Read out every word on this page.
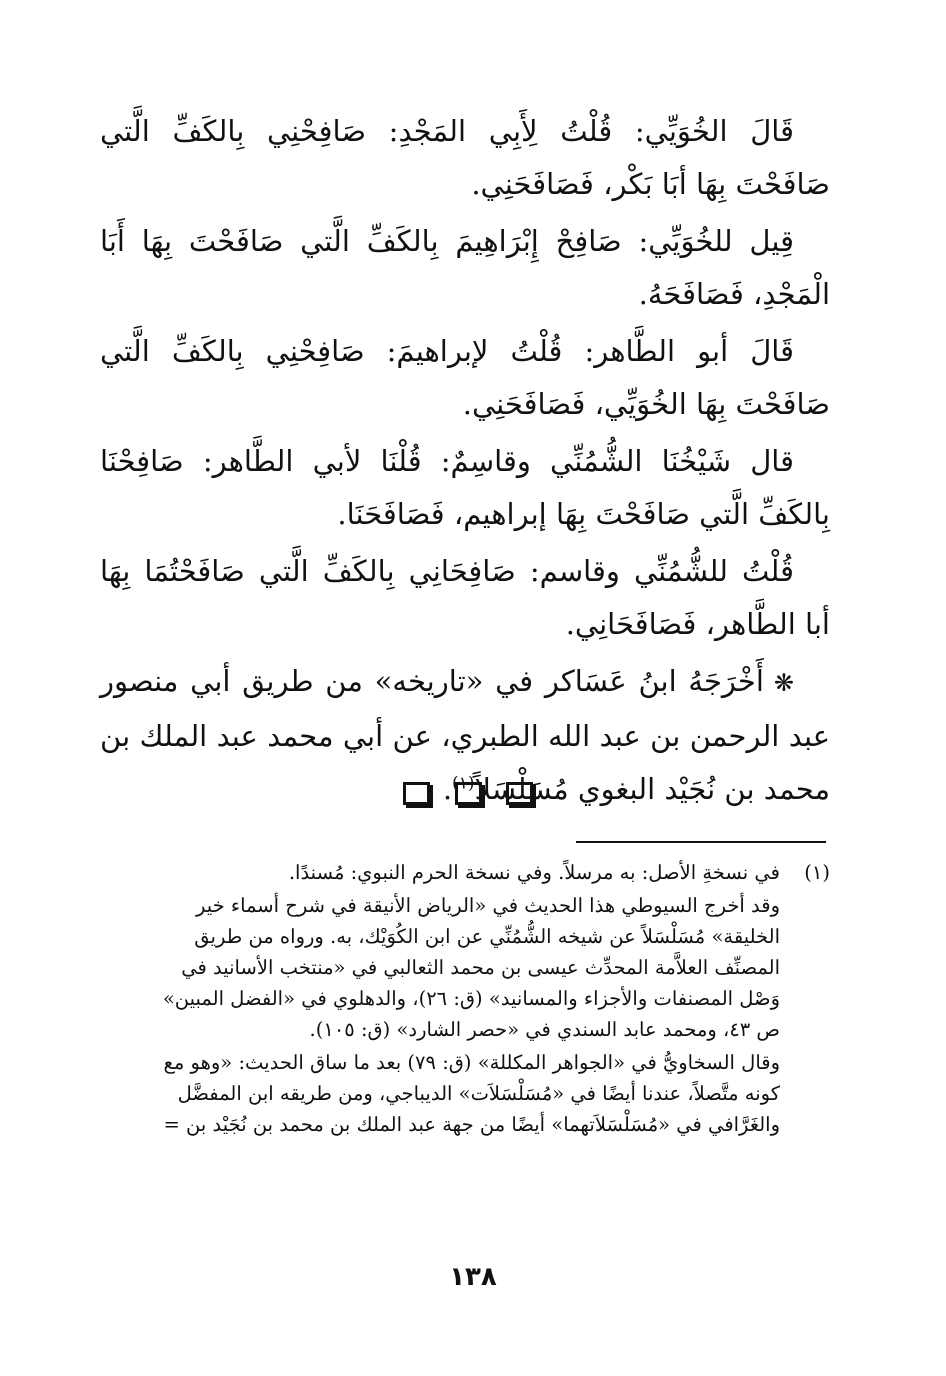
قَالَ الخُوَيِّي: قُلْتُ لِأَبِي المَجْدِ: صَافِحْنِي بِالكَفِّ الَّتي صَافَحْتَ بِهَا أبَا بَكْر، فَصَافَحَنِي.

قِيل للخُوَيِّي: صَافِحْ إِبْرَاهِيمَ بِالكَفِّ الَّتي صَافَحْتَ بِهَا أَبَا الْمَجْدِ، فَصَافَحَهُ.

قَالَ أبو الطَّاهر: قُلْتُ لإبراهيمَ: صَافِحْنِي بِالكَفِّ الَّتي صَافَحْتَ بِهَا الخُوَيِّي، فَصَافَحَنِي.

قال شَيْخُنَا الشُّمُنِّي وقاسِمٌ: قُلْنَا لأبي الطَّاهر: صَافِحْنَا بِالكَفِّ الَّتي صَافَحْتَ بِهَا إبراهيم، فَصَافَحَنَا.

قُلْتُ للشُّمُنِّي وقاسم: صَافِحَانِي بِالكَفِّ الَّتي صَافَحْتُمَا بِهَا أبا الطَّاهر، فَصَافَحَانِي.

❋أَخْرَجَهُ ابنُ عَسَاكر في «تاريخه» من طريق أبي منصور عبد الرحمن بن عبد الله الطبري، عن أبي محمد عبد الملك بن محمد بن نُجَيْد البغوي مُسَلْسَلاً$^{(١)}$.

(١)
في نسخةِ الأصل: به مرسلاً. وفي نسخة الحرم النبوي: مُسندًا.

وقد أخرج السيوطي هذا الحديث في «الرياض الأنيقة في شرح أسماء خير

الخليقة» مُسَلْسَلاً عن شيخه الشُّمُنِّي عن ابن الكُوَيْك، به. ورواه من طريق

المصنِّف العلاَّمة المحدِّث عيسى بن محمد الثعالبي في «منتخب الأسانيد في

وَصْل المصنفات والأجزاء والمسانيد» (ق: ٢٦)، والدهلوي في «الفضل المبين»

ص ٤٣، ومحمد عابد السندي في «حصر الشارد» (ق: ١٠٥).

وقال السخاويُّ في «الجواهر المكللة» (ق: ٧٩) بعد ما ساق الحديث: «وهو مع

كونه متَّصلاً، عندنا أيضًا في «مُسَلْسَلاَت» الديباجي، ومن طريقه ابن المفضَّل

والغَرَّافي في «مُسَلْسَلاَتهما» أيضًا من جهة عبد الملك بن محمد بن نُجَيْد بن =

١٣٨
